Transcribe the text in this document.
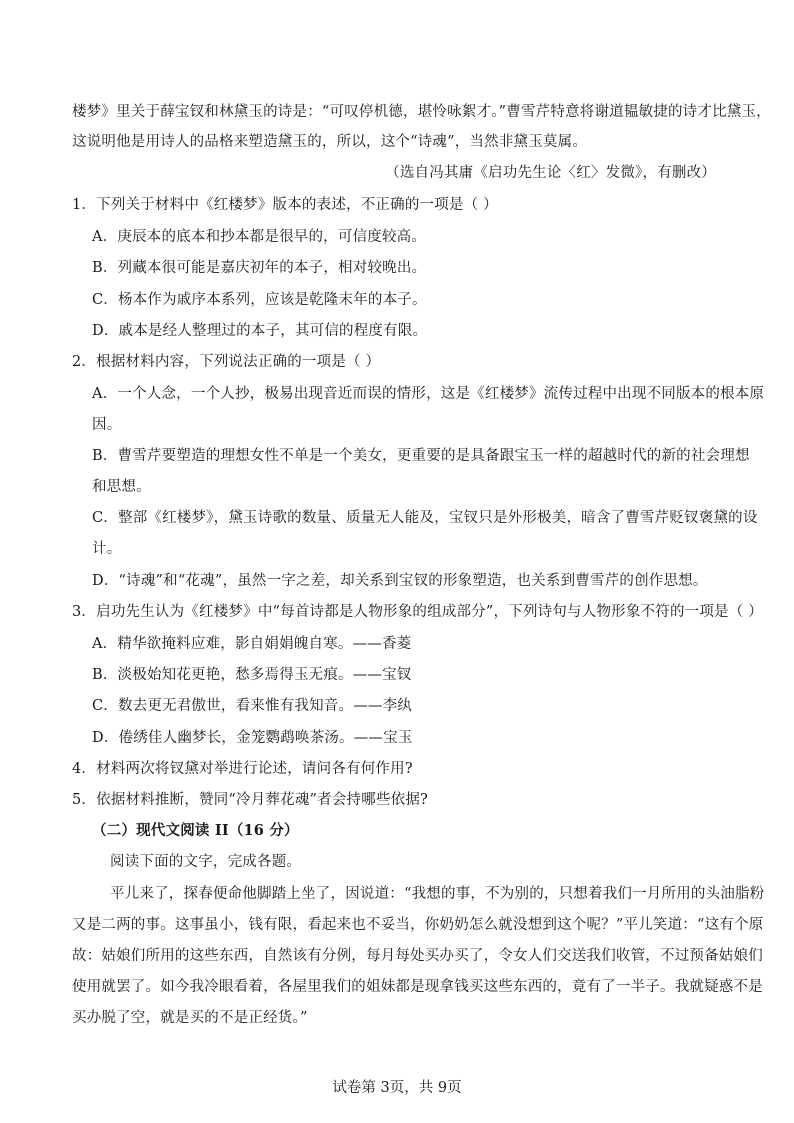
楼梦》里关于薛宝钗和林黛玉的诗是：“可叹停机德，堪怜咏絮才。”曹雪芹特意将谢道韫敏捷的诗才比黛玉，
这说明他是用诗人的品格来塑造黛玉的，所以，这个“诗魂”，当然非黛玉莫属。
（选自冯其庸《启功先生论〈红〉发微》，有删改）
1．下列关于材料中《红楼梦》版本的表述，不正确的一项是（ ）
A．庚辰本的底本和抄本都是很早的，可信度较高。
B．列藏本很可能是嘉庆初年的本子，相对较晚出。
C．杨本作为戚序本系列，应该是乾隆末年的本子。
D．戚本是经人整理过的本子，其可信的程度有限。
2．根据材料内容，下列说法正确的一项是（ ）
A．一个人念，一个人抄，极易出现音近而误的情形，这是《红楼梦》流传过程中出现不同版本的根本原
因。
B．曹雪芹要塑造的理想女性不单是一个美女，更重要的是具备跟宝玉一样的超越时代的新的社会理想
和思想。
C．整部《红楼梦》，黛玉诗歌的数量、质量无人能及，宝钗只是外形极美，暗含了曹雪芹贬钗褒黛的设
计。
D．“诗魂”和“花魂”，虽然一字之差，却关系到宝钗的形象塑造，也关系到曹雪芹的创作思想。
3．启功先生认为《红楼梦》中“每首诗都是人物形象的组成部分”，下列诗句与人物形象不符的一项是（ ）
A．精华欲掩料应难，影自娟娟魄自寒。——香菱
B．淡极始知花更艳，愁多焉得玉无痕。——宝钗
C．数去更无君傲世，看来惟有我知音。——李纨
D．倦绣佳人幽梦长，金笼鹦鹉唤茶汤。——宝玉
4．材料两次将钗黛对举进行论述，请问各有何作用?
5．依据材料推断，赞同“冷月葬花魂”者会持哪些依据?
（二）现代文阅读 II（16 分）
阅读下面的文字，完成各题。
平儿来了，探春便命他脚踏上坐了，因说道：“我想的事，不为别的，只想着我们一月所用的头油脂粉
又是二两的事。这事虽小，钱有限，看起来也不妥当，你奶奶怎么就没想到这个呢？”平儿笑道：“这有个原
故：姑娘们所用的这些东西，自然该有分例，每月每处买办买了，令女人们交送我们收管，不过预备姑娘们
使用就罢了。如今我冷眼看着，各屋里我们的姐妹都是现拿钱买这些东西的，竟有了一半子。我就疑惑不是
买办脱了空，就是买的不是正经货。”
试卷第 3页，共 9页
